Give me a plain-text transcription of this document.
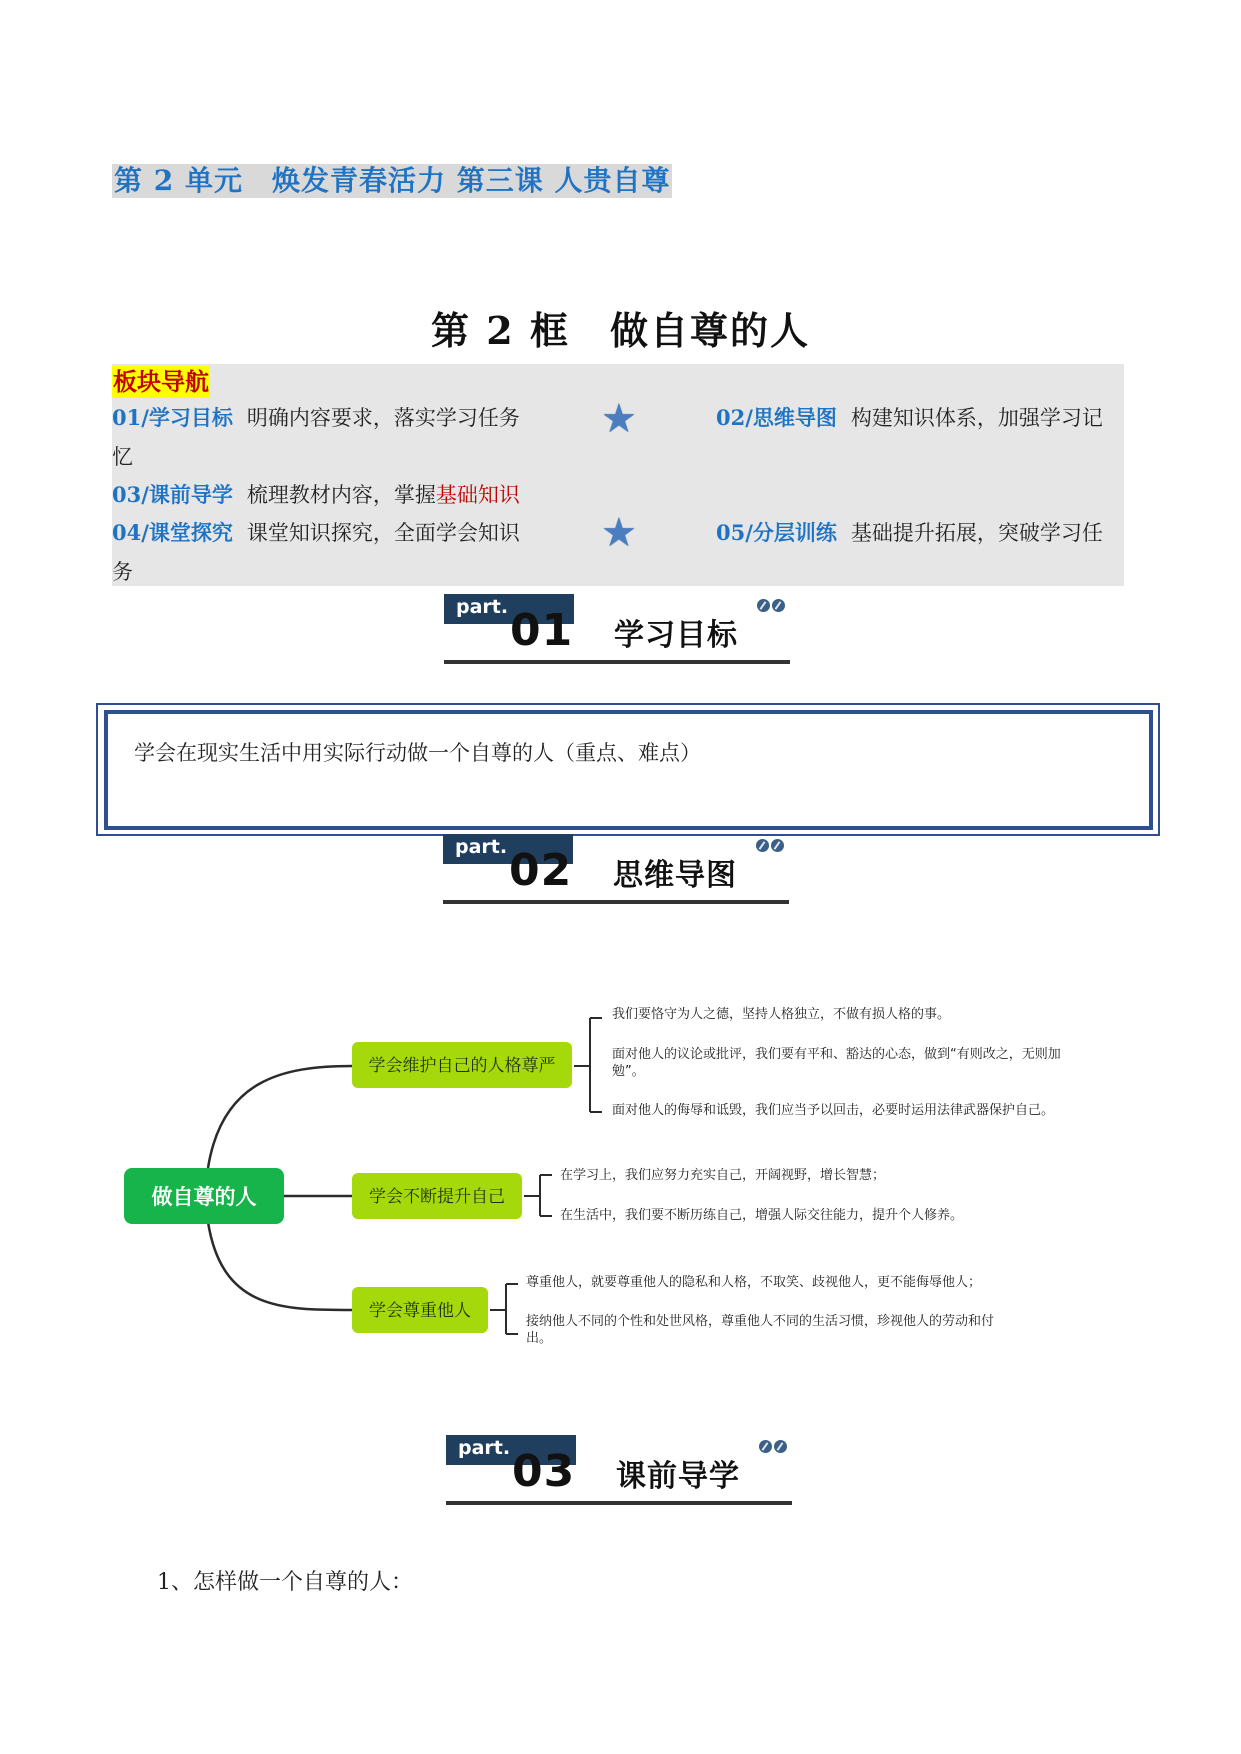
第 2 单元　焕发青春活力 第三课 人贵自尊
第 2 框　做自尊的人
板块导航
01/学习目标 明确内容要求，落实学习任务 ★	02/思维导图 构建知识体系，加强学习记
忆
03/课前导学 梳理教材内容，掌握基础知识
04/课堂探究 课堂知识探究，全面学会知识 ★	05/分层训练 基础提升拓展，突破学习任
务
part. 01 学习目标
学会在现实生活中用实际行动做一个自尊的人（重点、难点）
part. 02 思维导图
做自尊的人
学会维护自己的人格尊严
学会不断提升自己
学会尊重他人
我们要恪守为人之德，坚持人格独立，不做有损人格的事。
面对他人的议论或批评，我们要有平和、豁达的心态，做到“有则改之，无则加勉”。
面对他人的侮辱和诋毁，我们应当予以回击，必要时运用法律武器保护自己。
在学习上，我们应努力充实自己，开阔视野，增长智慧；
在生活中，我们要不断历练自己，增强人际交往能力，提升个人修养。
尊重他人，就要尊重他人的隐私和人格，不取笑、歧视他人，更不能侮辱他人；
接纳他人不同的个性和处世风格，尊重他人不同的生活习惯，珍视他人的劳动和付出。
part. 03 课前导学
1、怎样做一个自尊的人：
